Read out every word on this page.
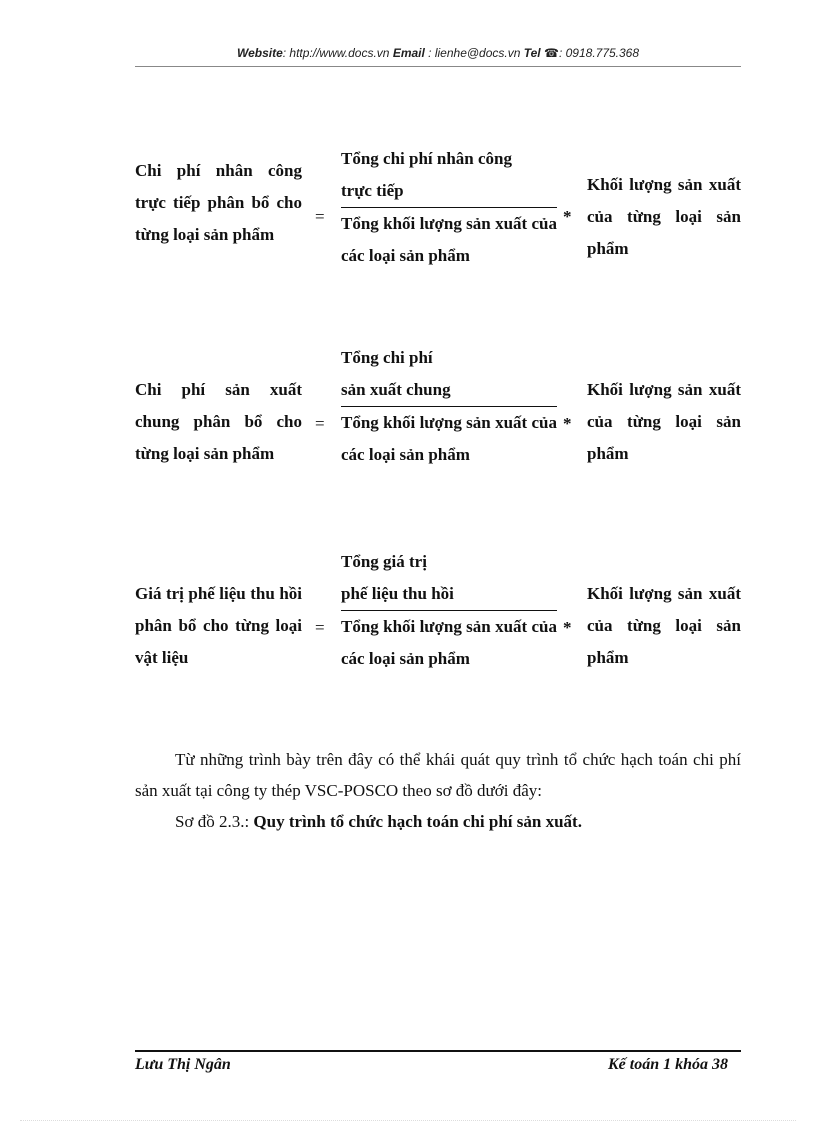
Website: http://www.docs.vn Email : lienhe@docs.vn Tel ☎: 0918.775.368
Chi phí nhân công trực tiếp phân bổ cho từng loại sản phẩm
=
Tổng chi phí nhân công
trực tiếp
Tổng khối lượng sản xuất của các loại sản phẩm
*
Khối lượng sản xuất của từng loại sản phẩm
Chi phí sản xuất chung phân bổ cho từng loại sản phẩm
=
Tổng chi phí
sản xuất chung
Tổng khối lượng sản xuất của các loại sản phẩm
*
Khối lượng sản xuất của từng loại sản phẩm
Giá trị phế liệu thu hồi phân bổ cho từng loại vật liệu
=
Tổng giá trị
phế liệu thu hồi
Tổng khối lượng sản xuất của các loại sản phẩm
*
Khối lượng sản xuất của từng loại sản phẩm

Từ những trình bày trên đây có thể khái quát quy trình tổ chức hạch toán chi phí sản xuất tại công ty thép VSC-POSCO theo sơ đồ dưới đây:

Sơ đồ 2.3.: Quy trình tổ chức hạch toán chi phí sản xuất.

Lưu Thị Ngân	Kế toán 1 khóa 38
